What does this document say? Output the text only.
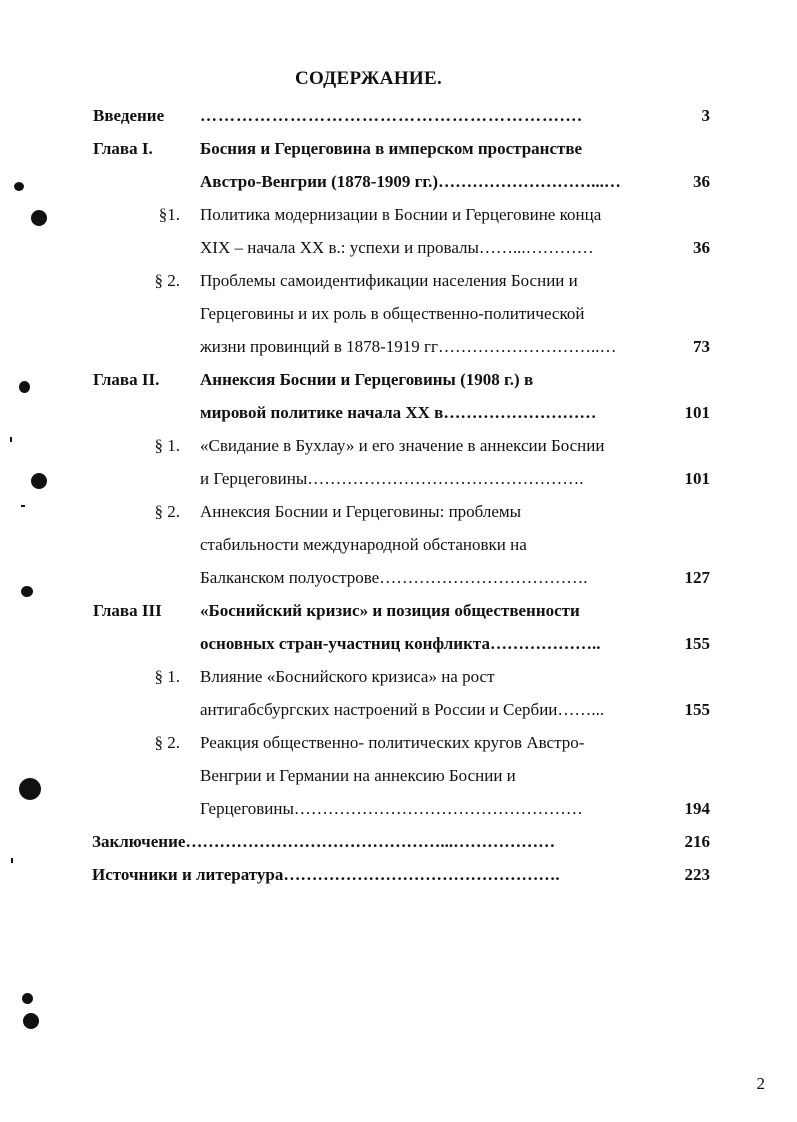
СОДЕРЖАНИЕ.
Введение	…………………………………………………….…	3
Глава I.	Босния и Герцеговина в имперском пространстве
Австро-Венгрии (1878-1909 гг.)………………………...…	36
§1. Политика модернизации в Боснии и Герцеговине конца
XIX – начала XX в.: успехи и провалы……...…………	36
§ 2. Проблемы самоидентификации населения Боснии и
Герцеговины и их роль в общественно-политической
жизни провинций в 1878-1919 гг………………………..…	73
Глава II.	Аннексия Боснии и Герцеговины (1908 г.) в
мировой политике начала XX в………………………	101
§ 1. «Свидание в Бухлау» и его значение в аннексии Боснии
и Герцеговины………………………………………….	101
§ 2. Аннексия Боснии и Герцеговины: проблемы
стабильности международной обстановки на
Балканском полуострове……………………………….	127
Глава III	«Боснийский кризис» и позиция общественности
основных стран-участниц конфликта………………..	155
§ 1. Влияние «Боснийского кризиса» на рост
антигабсбургских настроений в России и Сербии……...	155
§ 2. Реакция общественно- политических кругов Австро-
Венгрии и Германии на аннексию Боснии и
Герцеговины……………………………………………	194
Заключение………………………………………...………………	216
Источники и литература………………………………………….	223
2
